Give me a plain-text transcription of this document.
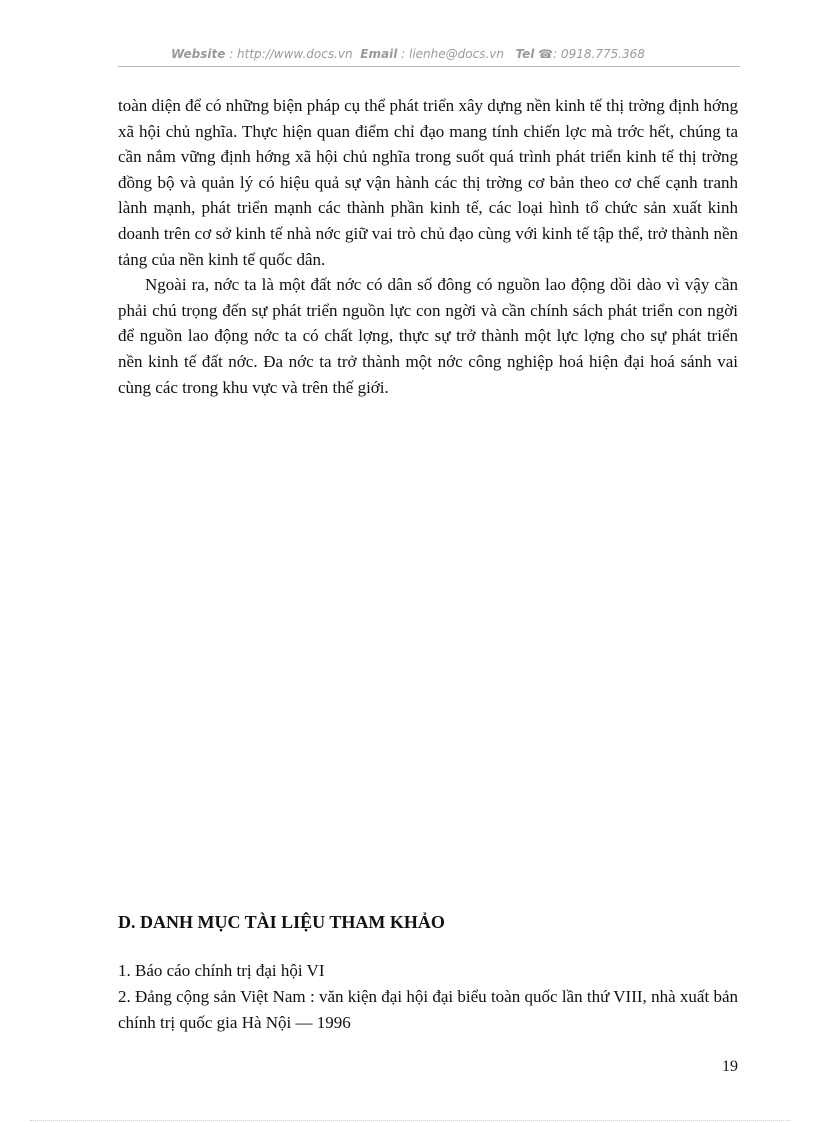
Website : http://www.docs.vn Email : lienhe@docs.vn Tel ☎: 0918.775.368

toàn diện để có những biện pháp cụ thể phát triển xây dựng nền kinh tế thị trờng định hớng xã hội chủ nghĩa. Thực hiện quan điểm chỉ đạo mang tính chiến lợc mà trớc hết, chúng ta cần nắm vững định hớng xã hội chủ nghĩa trong suốt quá trình phát triển kinh tế thị trờng đồng bộ và quản lý có hiệu quả sự vận hành các thị trờng cơ bản theo cơ chế cạnh tranh lành mạnh, phát triển mạnh các thành phần kinh tế, các loại hình tổ chức sản xuất kinh doanh trên cơ sở kinh tế nhà nớc giữ vai trò chủ đạo cùng với kinh tế tập thể, trở thành nền tảng của nền kinh tế quốc dân.

Ngoài ra, nớc ta là một đất nớc có dân số đông có nguồn lao động dồi dào vì vậy cần phải chú trọng đến sự phát triển nguồn lực con ngời và cần chính sách phát triển con ngời để nguồn lao động nớc ta có chất lợng, thực sự trở thành một lực lợng cho sự phát triển nền kinh tế đất nớc. Đa nớc ta trở thành một nớc công nghiệp hoá hiện đại hoá sánh vai cùng các trong khu vực và trên thế giới.

D. DANH MỤC TÀI LIỆU THAM KHẢO
1. Báo cáo chính trị đại hội VI
2. Đảng cộng sản Việt Nam : văn kiện đại hội đại biểu toàn quốc lần thứ VIII, nhà xuất bản chính trị quốc gia Hà Nội — 1996
19
